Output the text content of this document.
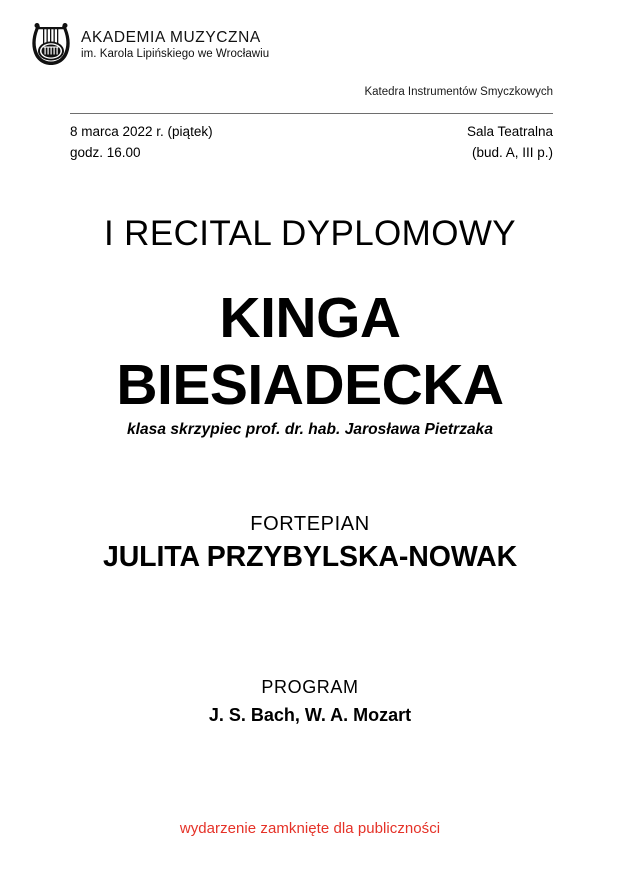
AKADEMIA MUZYCZNA
im. Karola Lipińskiego we Wrocławiu
Katedra Instrumentów Smyczkowych
8 marca 2022 r. (piątek)
godz. 16.00
Sala Teatralna
(bud. A, III p.)
I RECITAL DYPLOMOWY
KINGA
BIESIADECKA
klasa skrzypiec prof. dr. hab. Jarosława Pietrzaka
FORTEPIAN
JULITA PRZYBYLSKA-NOWAK
PROGRAM
J. S. Bach, W. A. Mozart
wydarzenie zamknięte dla publiczności
